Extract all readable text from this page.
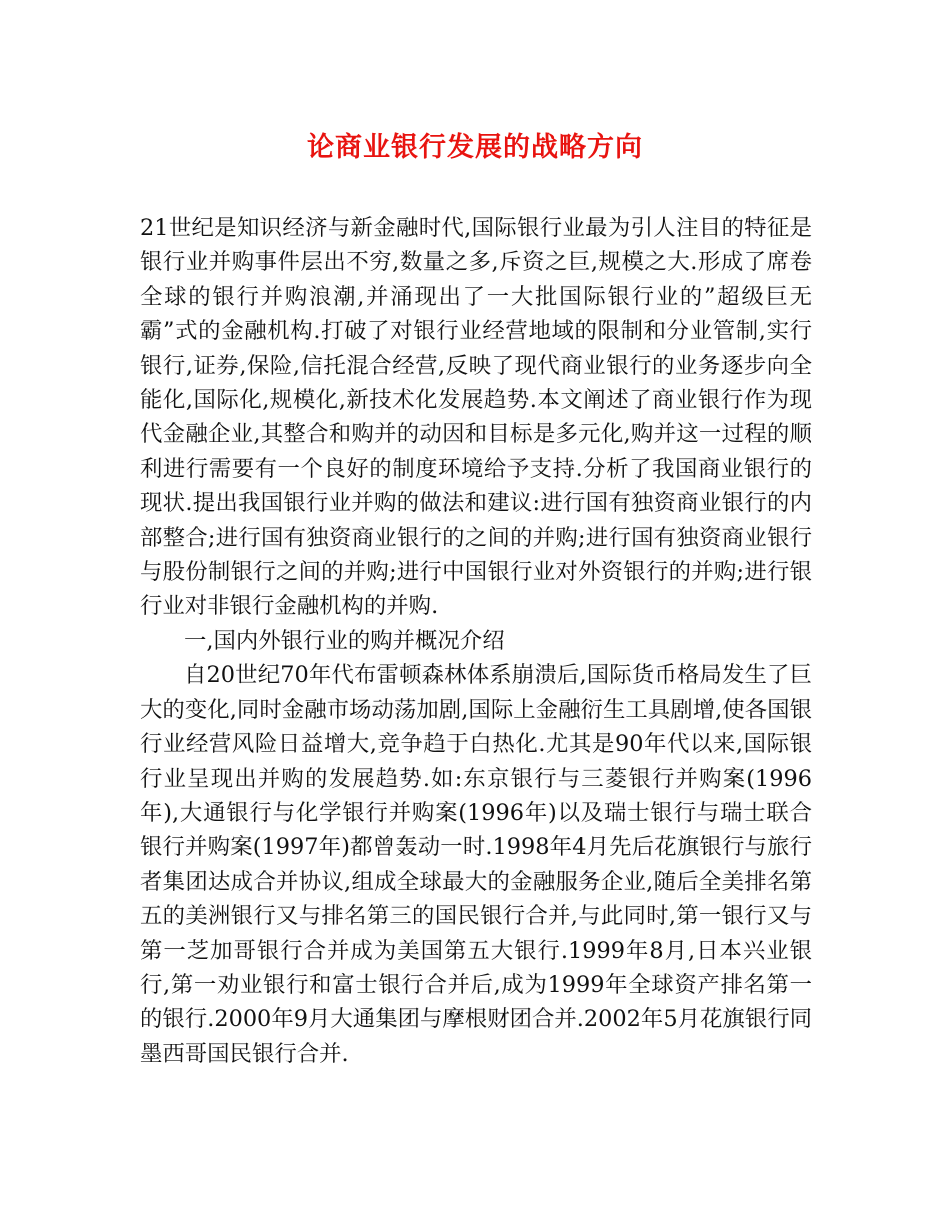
论商业银行发展的战略方向

21世纪是知识经济与新金融时代,国际银行业最为引人注目的特征是银行业并购事件层出不穷,数量之多,斥资之巨,规模之大.形成了席卷全球的银行并购浪潮,并涌现出了一大批国际银行业的”超级巨无霸”式的金融机构.打破了对银行业经营地域的限制和分业管制,实行银行,证券,保险,信托混合经营,反映了现代商业银行的业务逐步向全能化,国际化,规模化,新技术化发展趋势.本文阐述了商业银行作为现代金融企业,其整合和购并的动因和目标是多元化,购并这一过程的顺利进行需要有一个良好的制度环境给予支持.分析了我国商业银行的现状.提出我国银行业并购的做法和建议:进行国有独资商业银行的内部整合;进行国有独资商业银行的之间的并购;进行国有独资商业银行与股份制银行之间的并购;进行中国银行业对外资银行的并购;进行银行业对非银行金融机构的并购.

一,国内外银行业的购并概况介绍

自20世纪70年代布雷顿森林体系崩溃后,国际货币格局发生了巨大的变化,同时金融市场动荡加剧,国际上金融衍生工具剧增,使各国银行业经营风险日益增大,竞争趋于白热化.尤其是90年代以来,国际银行业呈现出并购的发展趋势.如:东京银行与三菱银行并购案(1996年),大通银行与化学银行并购案(1996年)以及瑞士银行与瑞士联合银行并购案(1997年)都曾轰动一时.1998年4月先后花旗银行与旅行者集团达成合并协议,组成全球最大的金融服务企业,随后全美排名第五的美洲银行又与排名第三的国民银行合并,与此同时,第一银行又与第一芝加哥银行合并成为美国第五大银行.1999年8月,日本兴业银行,第一劝业银行和富士银行合并后,成为1999年全球资产排名第一的银行.2000年9月大通集团与摩根财团合并.2002年5月花旗银行同墨西哥国民银行合并.
